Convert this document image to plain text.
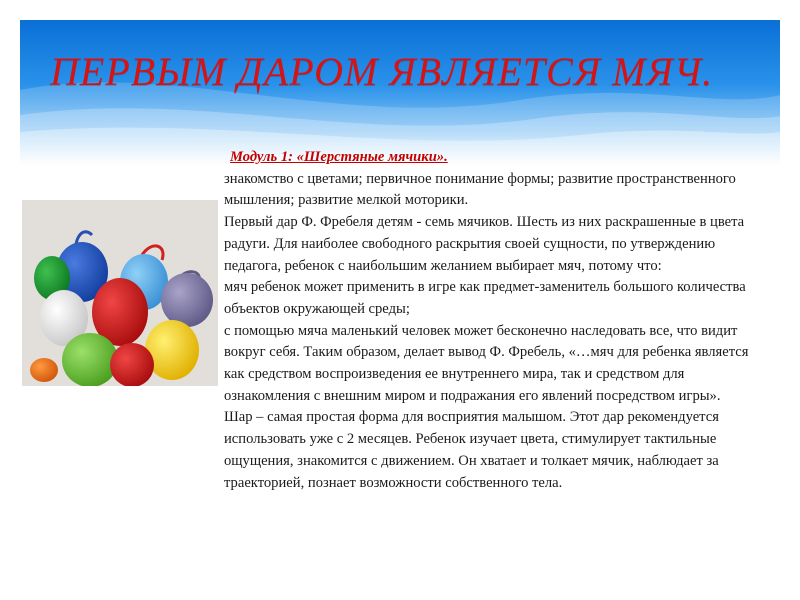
ПЕРВЫМ ДАРОМ ЯВЛЯЕТСЯ МЯЧ.

Модуль 1: «Шерстяные мячики».

знакомство с цветами; первичное понимание формы; развитие пространственного мышления; развитие мелкой моторики.

Первый дар Ф. Фребеля детям - семь мячиков. Шесть из них раскрашенные в цвета радуги. Для наиболее свободного раскрытия своей сущности, по утверждению педагога, ребенок с наибольшим желанием выбирает мяч, потому что:

мяч ребенок может применить в игре как предмет-заменитель большого количества объектов окружающей среды;

с помощью мяча маленький человек может бесконечно наследовать все, что видит вокруг себя. Таким образом, делает вывод Ф. Фребель, «…мяч для ребенка является как средством воспроизведения ее внутреннего мира, так и средством для ознакомления с внешним миром и подражания его явлений посредством игры».

Шар – самая простая форма для восприятия малышом. Этот дар рекомендуется использовать уже с 2 месяцев. Ребенок изучает цвета, стимулирует тактильные ощущения, знакомится с движением. Он хватает и толкает мячик, наблюдает за траекторией, познает возможности собственного тела.
